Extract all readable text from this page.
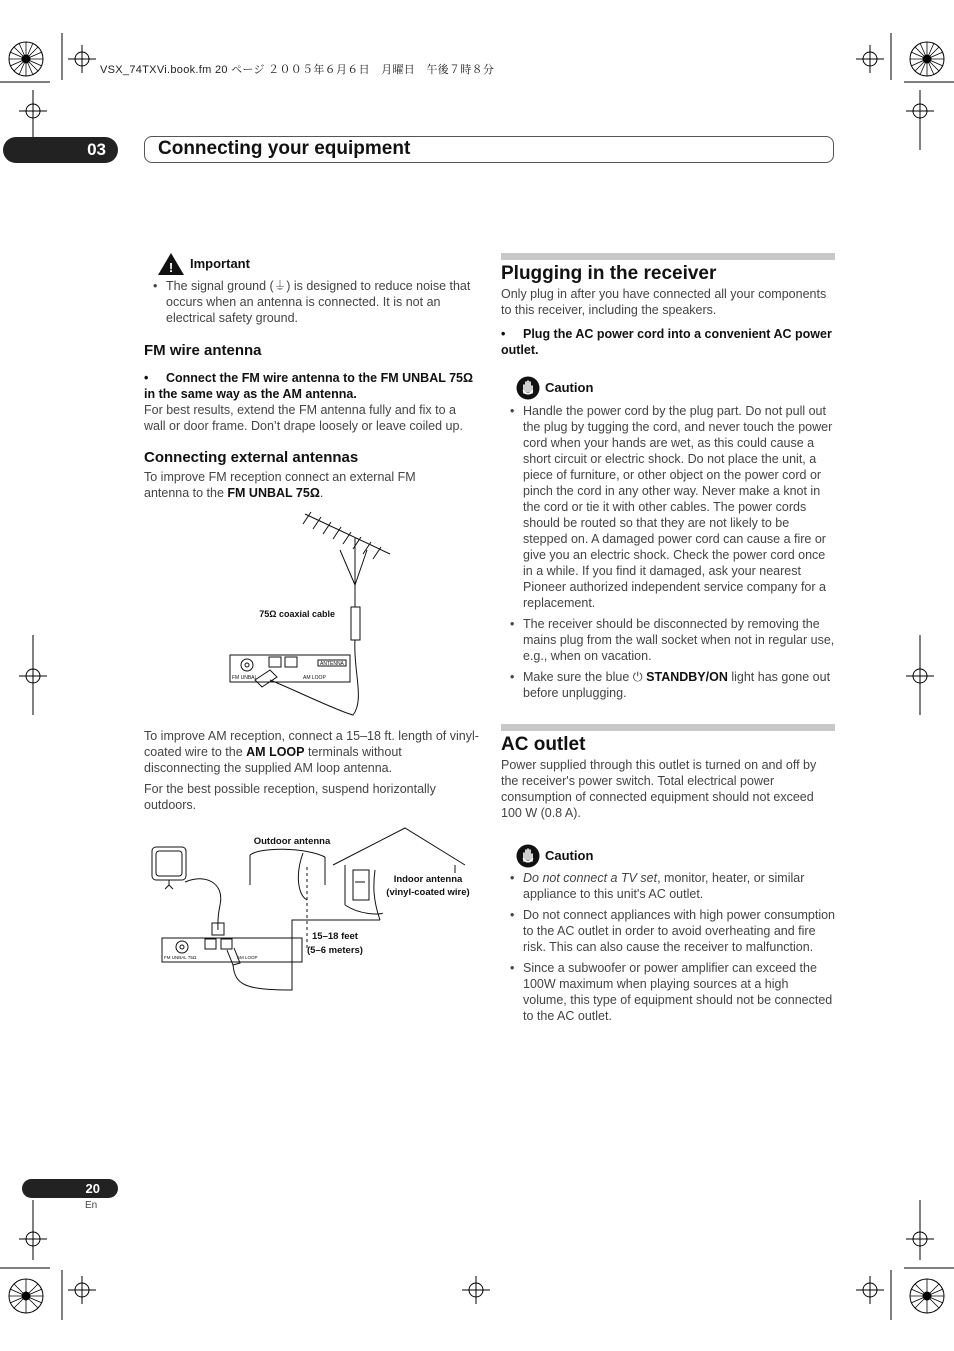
VSX_74TXVi.book.fm 20 ページ ２００５年６月６日　月曜日　午後７時８分
03	Connecting your equipment
! Important
• The signal ground (⏚) is designed to reduce noise that occurs when an antenna is connected. It is not an electrical safety ground.
FM wire antenna
• Connect the FM wire antenna to the FM UNBAL 75Ω in the same way as the AM antenna.
For best results, extend the FM antenna fully and fix to a wall or door frame. Don’t drape loosely or leave coiled up.
Connecting external antennas
To improve FM reception connect an external FM antenna to the FM UNBAL 75Ω.
75Ω coaxial cable
FM UNBAL	AM LOOP
ANTENNA
To improve AM reception, connect a 15–18 ft. length of vinyl-coated wire to the AM LOOP terminals without disconnecting the supplied AM loop antenna.
For the best possible reception, suspend horizontally outdoors.
Outdoor antenna
Indoor antenna
(vinyl-coated wire)
15–18 feet
(5–6 meters)
FM UNBAL 75Ω	AM LOOP
Plugging in the receiver
Only plug in after you have connected all your components to this receiver, including the speakers.
• Plug the AC power cord into a convenient AC power outlet.
Caution
• Handle the power cord by the plug part. Do not pull out the plug by tugging the cord, and never touch the power cord when your hands are wet, as this could cause a short circuit or electric shock. Do not place the unit, a piece of furniture, or other object on the power cord or pinch the cord in any other way. Never make a knot in the cord or tie it with other cables. The power cords should be routed so that they are not likely to be stepped on. A damaged power cord can cause a fire or give you an electric shock. Check the power cord once in a while. If you find it damaged, ask your nearest Pioneer authorized independent service company for a replacement.
• The receiver should be disconnected by removing the mains plug from the wall socket when not in regular use, e.g., when on vacation.
• Make sure the blue ⏻ STANDBY/ON light has gone out before unplugging.
AC outlet
Power supplied through this outlet is turned on and off by the receiver's power switch. Total electrical power consumption of connected equipment should not exceed 100 W (0.8 A).
Caution
• Do not connect a TV set, monitor, heater, or similar appliance to this unit's AC outlet.
• Do not connect appliances with high power consumption to the AC outlet in order to avoid overheating and fire risk. This can also cause the receiver to malfunction.
• Since a subwoofer or power amplifier can exceed the 100W maximum when playing sources at a high volume, this type of equipment should not be connected to the AC outlet.
20
En
